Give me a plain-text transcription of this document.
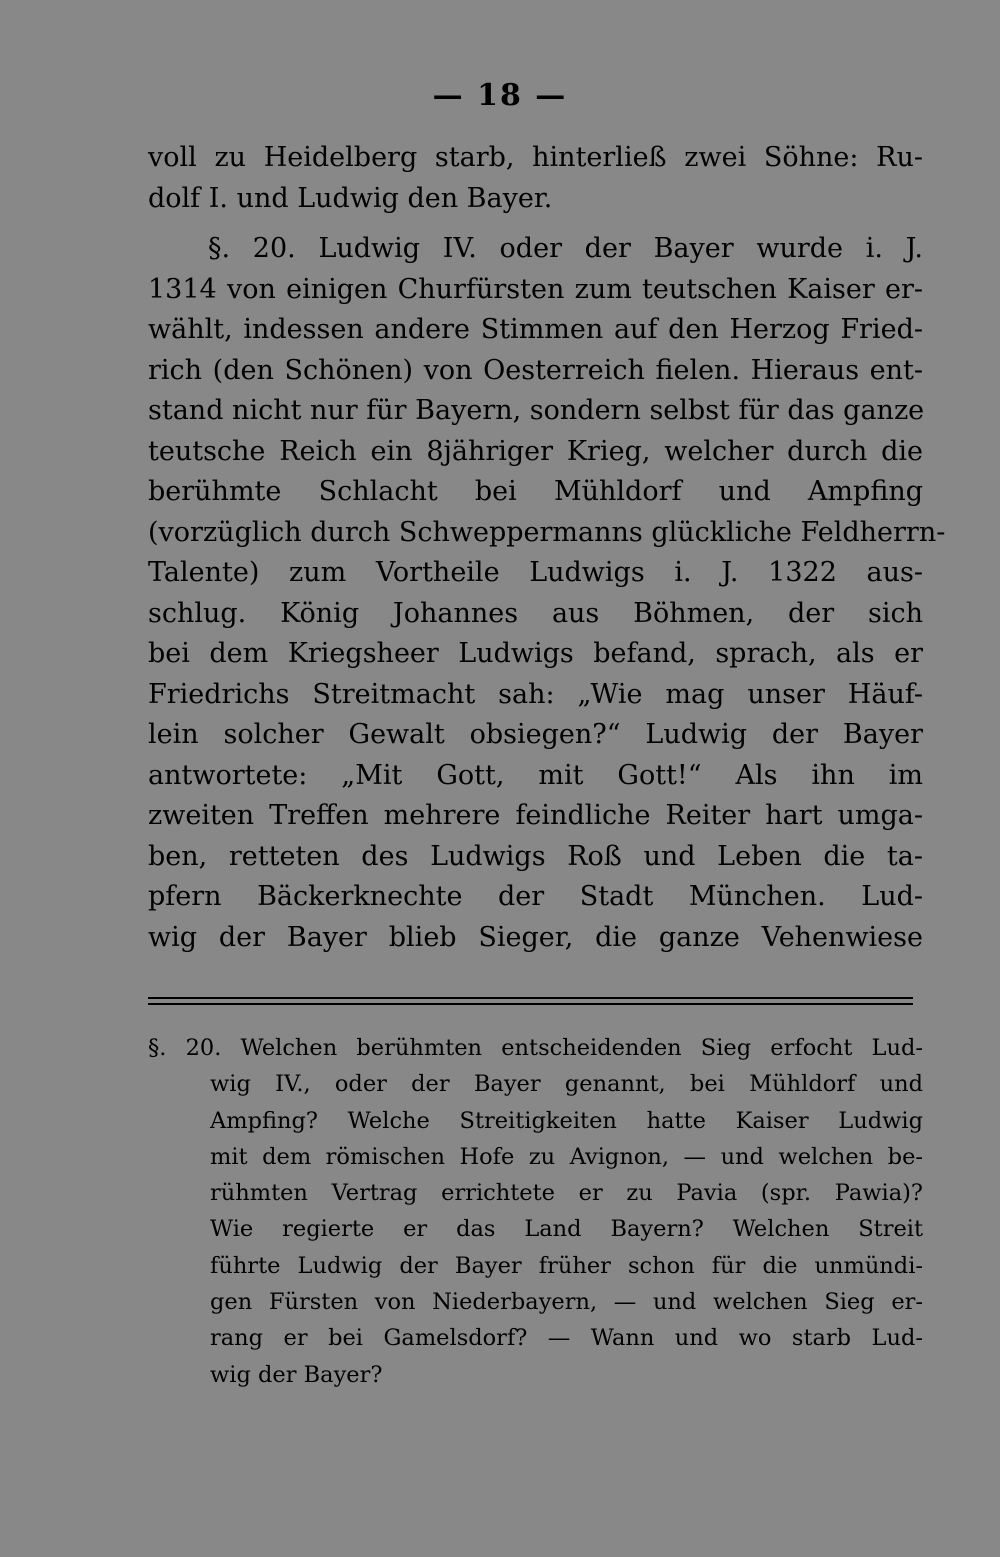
— 18 —
voll zu Heidelberg starb, hinterließ zwei Söhne: Ru-
dolf I. und Ludwig den Bayer.
§. 20. Ludwig IV. oder der Bayer wurde i. J.
1314 von einigen Churfürsten zum teutschen Kaiser er-
wählt, indessen andere Stimmen auf den Herzog Fried-
rich (den Schönen) von Oesterreich fielen. Hieraus ent-
stand nicht nur für Bayern, sondern selbst für das ganze
teutsche Reich ein 8jähriger Krieg, welcher durch die
berühmte Schlacht bei Mühldorf und Ampfing
(vorzüglich durch Schweppermanns glückliche Feldherrn-
Talente) zum Vortheile Ludwigs i. J. 1322 aus-
schlug. König Johannes aus Böhmen, der sich
bei dem Kriegsheer Ludwigs befand, sprach, als er
Friedrichs Streitmacht sah: „Wie mag unser Häuf-
lein solcher Gewalt obsiegen?“ Ludwig der Bayer
antwortete: „Mit Gott, mit Gott!“ Als ihn im
zweiten Treffen mehrere feindliche Reiter hart umga-
ben, retteten des Ludwigs Roß und Leben die ta-
pfern Bäckerknechte der Stadt München. Lud-
wig der Bayer blieb Sieger, die ganze Vehenwiese
§. 20. Welchen berühmten entscheidenden Sieg erfocht Lud-
wig IV., oder der Bayer genannt, bei Mühldorf und
Ampfing? Welche Streitigkeiten hatte Kaiser Ludwig
mit dem römischen Hofe zu Avignon, — und welchen be-
rühmten Vertrag errichtete er zu Pavia (spr. Pawia)?
Wie regierte er das Land Bayern? Welchen Streit
führte Ludwig der Bayer früher schon für die unmündi-
gen Fürsten von Niederbayern, — und welchen Sieg er-
rang er bei Gamelsdorf? — Wann und wo starb Lud-
wig der Bayer?
